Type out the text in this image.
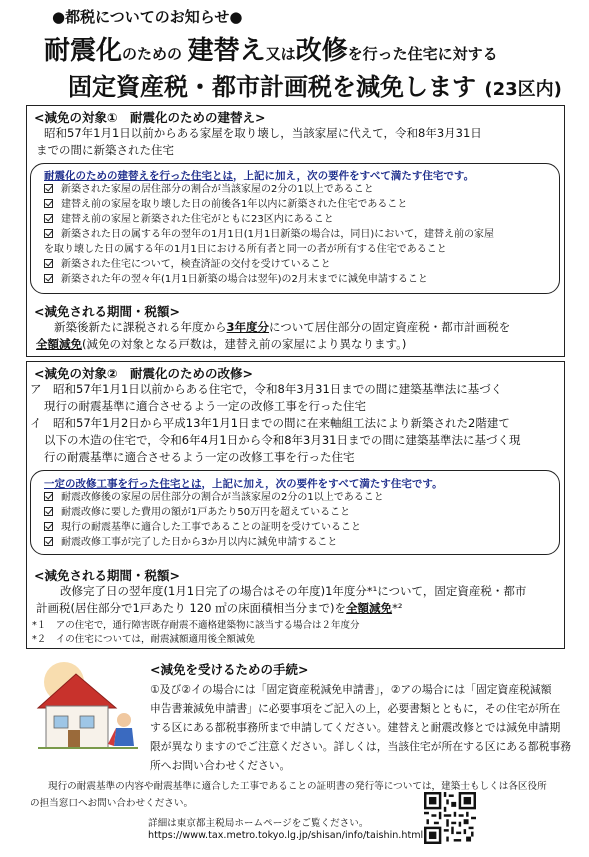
●都税についてのお知らせ●
耐震化のための 建替え又は改修を行った住宅に対する
固定資産税・都市計画税を減免します (23区内)
<減免の対象①　耐震化のための建替え>
昭和57年1月1日以前からある家屋を取り壊し，当該家屋に代えて，令和8年3月31日
までの間に新築された住宅
耐震化のための建替えを行った住宅とは，上記に加え，次の要件をすべて満たす住宅です。
新築された家屋の居住部分の割合が当該家屋の2分の1以上であること
建替え前の家屋を取り壊した日の前後各1年以内に新築された住宅であること
建替え前の家屋と新築された住宅がともに23区内にあること
新築された日の属する年の翌年の1月1日(1月1日新築の場合は，同日)において，建替え前の家屋
を取り壊した日の属する年の1月1日における所有者と同一の者が所有する住宅であること
新築された住宅について，検査済証の交付を受けていること
新築された年の翌々年(1月1日新築の場合は翌年)の2月末までに減免申請すること
<減免される期間・税額>
新築後新たに課税される年度から3年度分について居住部分の固定資産税・都市計画税を
全額減免(減免の対象となる戸数は，建替え前の家屋により異なります。)
<減免の対象②　耐震化のための改修>
ア　昭和57年1月1日以前からある住宅で，令和8年3月31日までの間に建築基準法に基づく
現行の耐震基準に適合させるよう一定の改修工事を行った住宅
イ　昭和57年1月2日から平成13年1月1日までの間に在来軸組工法により新築された2階建て
以下の木造の住宅で，令和6年4月1日から令和8年3月31日までの間に建築基準法に基づく現
行の耐震基準に適合させるよう一定の改修工事を行った住宅
一定の改修工事を行った住宅とは，上記に加え，次の要件をすべて満たす住宅です。
耐震改修後の家屋の居住部分の割合が当該家屋の2分の1以上であること
耐震改修に要した費用の額が1戸あたり50万円を超えていること
現行の耐震基準に適合した工事であることの証明を受けていること
耐震改修工事が完了した日から3か月以内に減免申請すること
<減免される期間・税額>
改修完了日の翌年度(1月1日完了の場合はその年度)1年度分*¹について，固定資産税・都市
計画税(居住部分で1戸あたり 120 ㎡の床面積相当分まで)を全額減免*²
*１　アの住宅で，通行障害既存耐震不適格建築物に該当する場合は２年度分
*２　イの住宅については，耐震減額適用後全額減免
<減免を受けるための手続>
①及び②イの場合には「固定資産税減免申請書」，②アの場合には「固定資産税減額
申告書兼減免申請書」に必要事項をご記入の上，必要書類とともに，その住宅が所在
する区にある都税事務所まで申請してください。建替えと耐震改修とでは減免申請期
限が異なりますのでご注意ください。詳しくは，当該住宅が所在する区にある都税事務
所へお問い合わせください。
現行の耐震基準の内容や耐震基準に適合した工事であることの証明書の発行等については，建築士もしくは各区役所
の担当窓口へお問い合わせください。
詳細は東京都主税局ホームページをご覧ください。
https://www.tax.metro.tokyo.lg.jp/shisan/info/taishin.html
